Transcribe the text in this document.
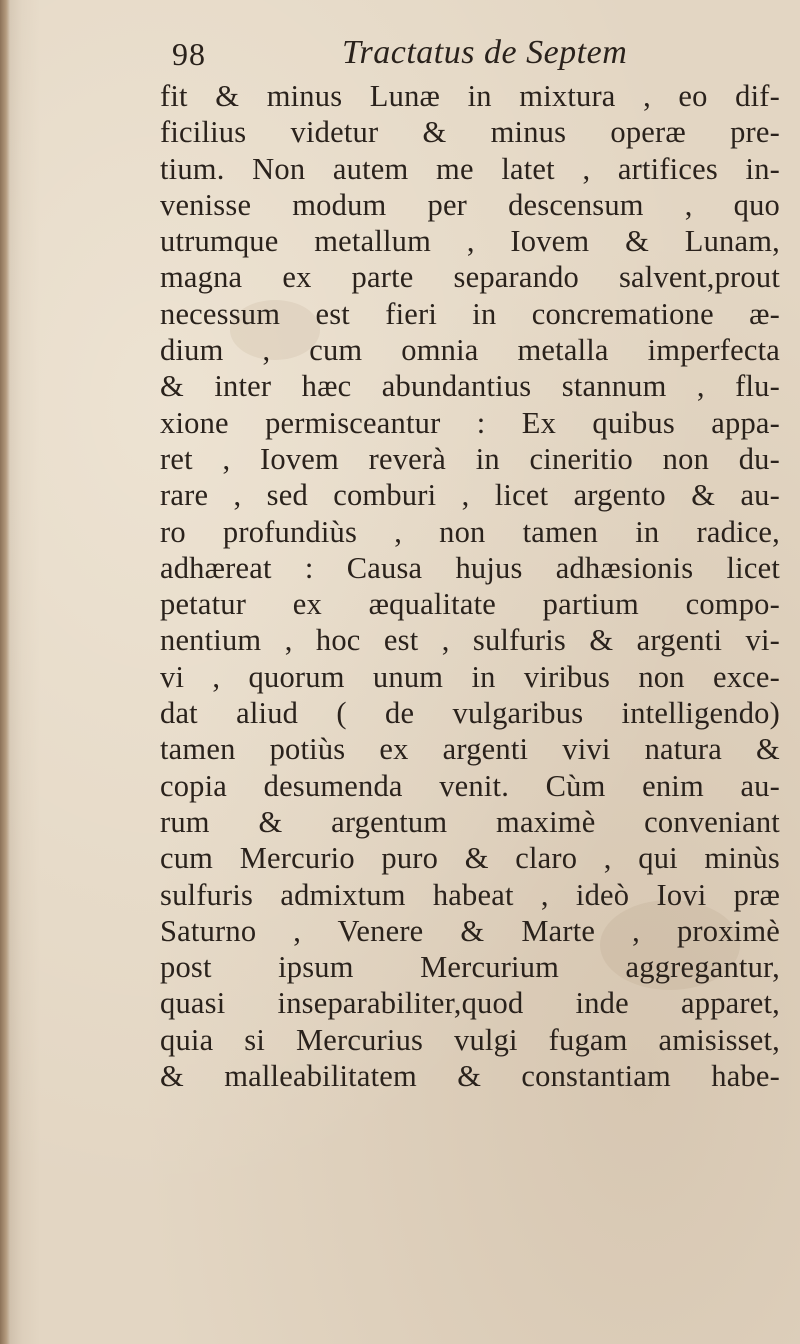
98	Tractatus de Septem
fit & minus Lunæ in mixtura , eo dif-
ficilius videtur & minus operæ pre-
tium. Non autem me latet , artifices in-
venisse modum per descensum , quo
utrumque metallum , Iovem & Lunam,
magna ex parte separando salvent,prout
necessum est fieri in concrematione æ-
dium , cum omnia metalla imperfecta
& inter hæc abundantius stannum , flu-
xione permisceantur : Ex quibus appa-
ret , Iovem reverà in cineritio non du-
rare , sed comburi , licet argento & au-
ro profundiùs , non tamen in radice,
adhæreat : Causa hujus adhæsionis licet
petatur ex æqualitate partium compo-
nentium , hoc est , sulfuris & argenti vi-
vi , quorum unum in viribus non exce-
dat aliud ( de vulgaribus intelligendo)
tamen potiùs ex argenti vivi natura &
copia desumenda venit. Cùm enim au-
rum & argentum maximè conveniant
cum Mercurio puro & claro , qui minùs
sulfuris admixtum habeat , ideò Iovi præ
Saturno , Venere & Marte , proximè
post ipsum Mercurium aggregantur,
quasi inseparabiliter,quod inde apparet,
quia si Mercurius vulgi fugam amisisset,
& malleabilitatem & constantiam habe-
